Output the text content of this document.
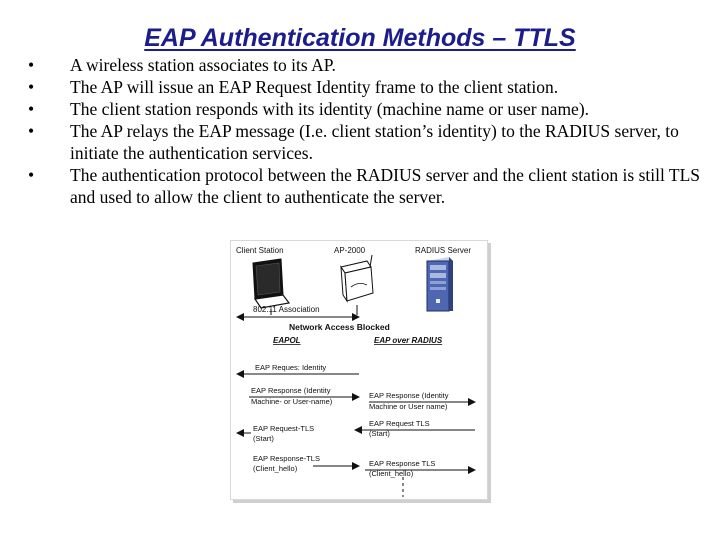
EAP Authentication Methods – TTLS
• A wireless station associates to its AP.
• The AP will issue an EAP Request Identity frame to the client station.
• The client station responds with its identity (machine name or user name).
• The AP relays the EAP message (I.e. client station’s identity) to the RADIUS server, to initiate the authentication services.
• The authentication protocol between the RADIUS server and the client station is still TLS and used to allow the client to authenticate the server.
Client Station	AP-2000	RADIUS Server
802.11 Association
Network Access Blocked
EAPOL	EAP over RADIUS
EAP Reques: Identity
EAP Response (Identity
Machine- or User-name)
EAP Response (Identity
Machine or User name)
EAP Request-TLS
(Start)
EAP Request TLS
(Start)
EAP Response-TLS
(Client_hello)
EAP Response TLS
(Client_hello)
